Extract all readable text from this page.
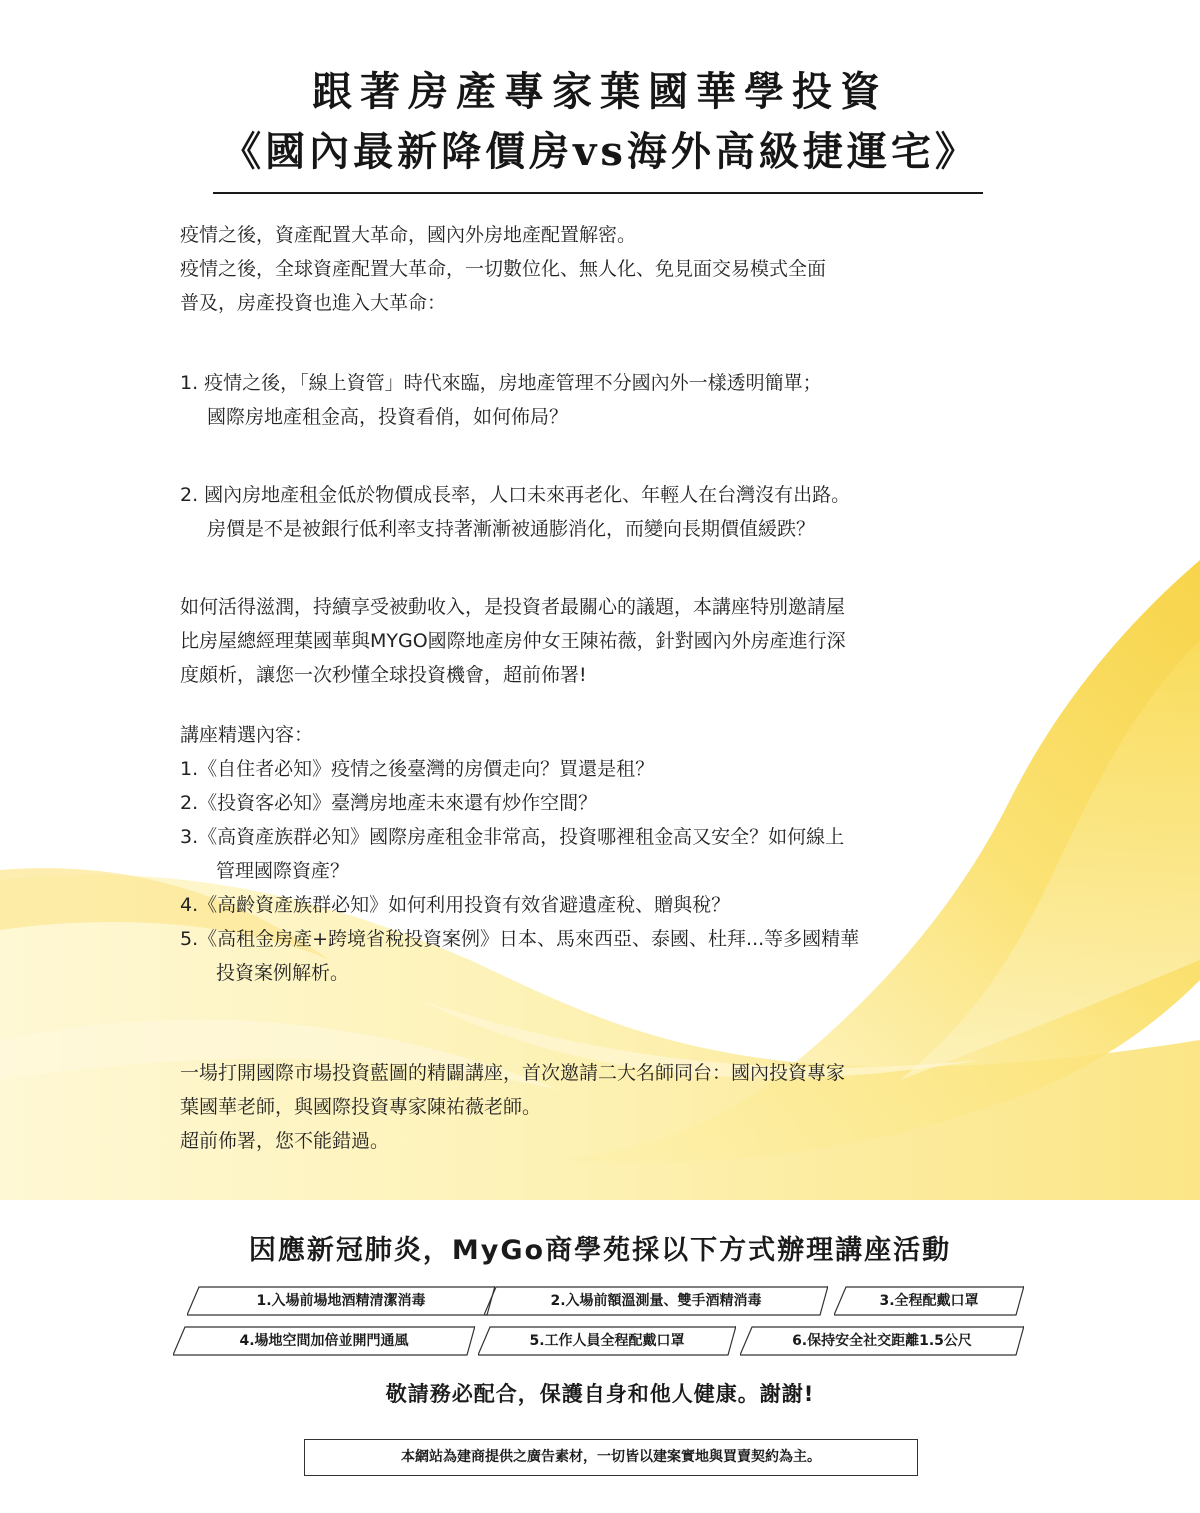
跟著房產專家葉國華學投資
《國內最新降價房vs海外高級捷運宅》

疫情之後，資產配置大革命，國內外房地產配置解密。

疫情之後，全球資產配置大革命，一切數位化、無人化、免見面交易模式全面

普及，房產投資也進入大革命：

1. 疫情之後，「線上資管」時代來臨，房地產管理不分國內外一樣透明簡單；

國際房地產租金高，投資看俏，如何佈局？

2. 國內房地產租金低於物價成長率，人口未來再老化、年輕人在台灣沒有出路。

房價是不是被銀行低利率支持著漸漸被通膨消化，而變向長期價值緩跌？

如何活得滋潤，持續享受被動收入，是投資者最關心的議題，本講座特別邀請屋

比房屋總經理葉國華與MYGO國際地產房仲女王陳祐薇，針對國內外房產進行深

度頗析，讓您一次秒懂全球投資機會，超前佈署!

講座精選內容：

1.《自住者必知》疫情之後臺灣的房價走向？買還是租？

2.《投資客必知》臺灣房地產未來還有炒作空間？

3.《高資產族群必知》國際房產租金非常高，投資哪裡租金高又安全？如何線上

管理國際資產？

4.《高齡資產族群必知》如何利用投資有效省避遺產稅、贈與稅？

5.《高租金房產+跨境省稅投資案例》日本、馬來西亞、泰國、杜拜...等多國精華

投資案例解析。

一場打開國際市場投資藍圖的精闢講座，首次邀請二大名師同台：國內投資專家

葉國華老師，與國際投資專家陳祐薇老師。

超前佈署，您不能錯過。

因應新冠肺炎，MyGo商學苑採以下方式辦理講座活動
1.入場前場地酒精清潔消毒	2.入場前額溫測量、雙手酒精消毒	3.全程配戴口罩
4.場地空間加倍並開門通風	5.工作人員全程配戴口罩	6.保持安全社交距離1.5公尺
敬請務必配合，保護自身和他人健康。謝謝!
本網站為建商提供之廣告素材，一切皆以建案實地與買賣契約為主。
